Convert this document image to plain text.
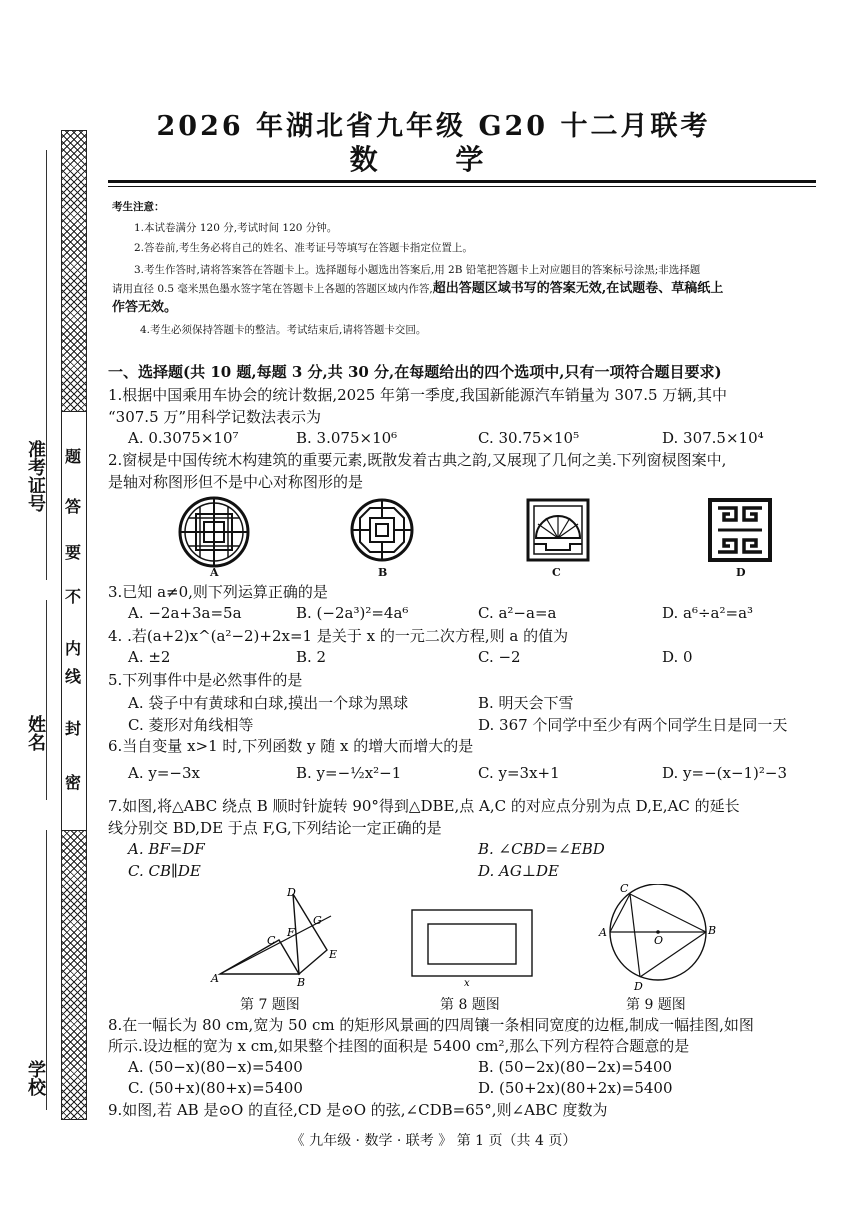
准考证号
姓名
学校
密
封
线
内
不
要
答
题
2026 年湖北省九年级 G20 十二月联考
数 学
考生注意：
1.本试卷满分 120 分,考试时间 120 分钟。
2.答卷前,考生务必将自己的姓名、准考证号等填写在答题卡指定位置上。
3.考生作答时,请将答案答在答题卡上。选择题每小题选出答案后,用 2B 铅笔把答题卡上对应题目的答案标号涂黑;非选择题
请用直径 0.5 毫米黑色墨水签字笔在答题卡上各题的答题区域内作答,超出答题区域书写的答案无效,在试题卷、草稿纸上
作答无效。
4.考生必须保持答题卡的整洁。考试结束后,请将答题卡交回。
一、选择题(共 10 题,每题 3 分,共 30 分,在每题给出的四个选项中,只有一项符合题目要求)
1.根据中国乘用车协会的统计数据,2025 年第一季度,我国新能源汽车销量为 307.5 万辆,其中
“307.5 万”用科学记数法表示为
A. 0.3075×10⁷	B. 3.075×10⁶	C. 30.75×10⁵	D. 307.5×10⁴
2.窗棂是中国传统木构建筑的重要元素,既散发着古典之韵,又展现了几何之美.下列窗棂图案中,
是轴对称图形但不是中心对称图形的是
A	B	C	D
3.已知 a≠0,则下列运算正确的是
A. −2a+3a=5a	B. (−2a³)²=4a⁶	C. a²−a=a	D. a⁶÷a²=a³
4. .若(a+2)x^(a²−2)+2x=1 是关于 x 的一元二次方程,则 a 的值为
A. ±2	B. 2	C. −2	D. 0
5.下列事件中是必然事件的是
A. 袋子中有黄球和白球,摸出一个球为黑球	B. 明天会下雪
C. 菱形对角线相等	D. 367 个同学中至少有两个同学生日是同一天
6.当自变量 x>1 时,下列函数 y 随 x 的增大而增大的是
A. y=−3x	B. y=−½x²−1	C. y=3x+1	D. y=−(x−1)²−3
7.如图,将△ABC 绕点 B 顺时针旋转 90°得到△DBE,点 A,C 的对应点分别为点 D,E,AC 的延长
线分别交 BD,DE 于点 F,G,下列结论一定正确的是
A. BF=DF	B. ∠CBD=∠EBD
C. CB∥DE	D. AG⊥DE
D
G
F
C
E
A	B
第 7 题图
x
第 8 题图
C
A
O
B
D
第 9 题图
8.在一幅长为 80 cm,宽为 50 cm 的矩形风景画的四周镶一条相同宽度的边框,制成一幅挂图,如图
所示.设边框的宽为 x cm,如果整个挂图的面积是 5400 cm²,那么下列方程符合题意的是
A. (50−x)(80−x)=5400	B. (50−2x)(80−2x)=5400
C. (50+x)(80+x)=5400	D. (50+2x)(80+2x)=5400
9.如图,若 AB 是⊙O 的直径,CD 是⊙O 的弦,∠CDB=65°,则∠ABC 度数为
《 九年级 · 数学 · 联考 》 第 1 页（共 4 页）
